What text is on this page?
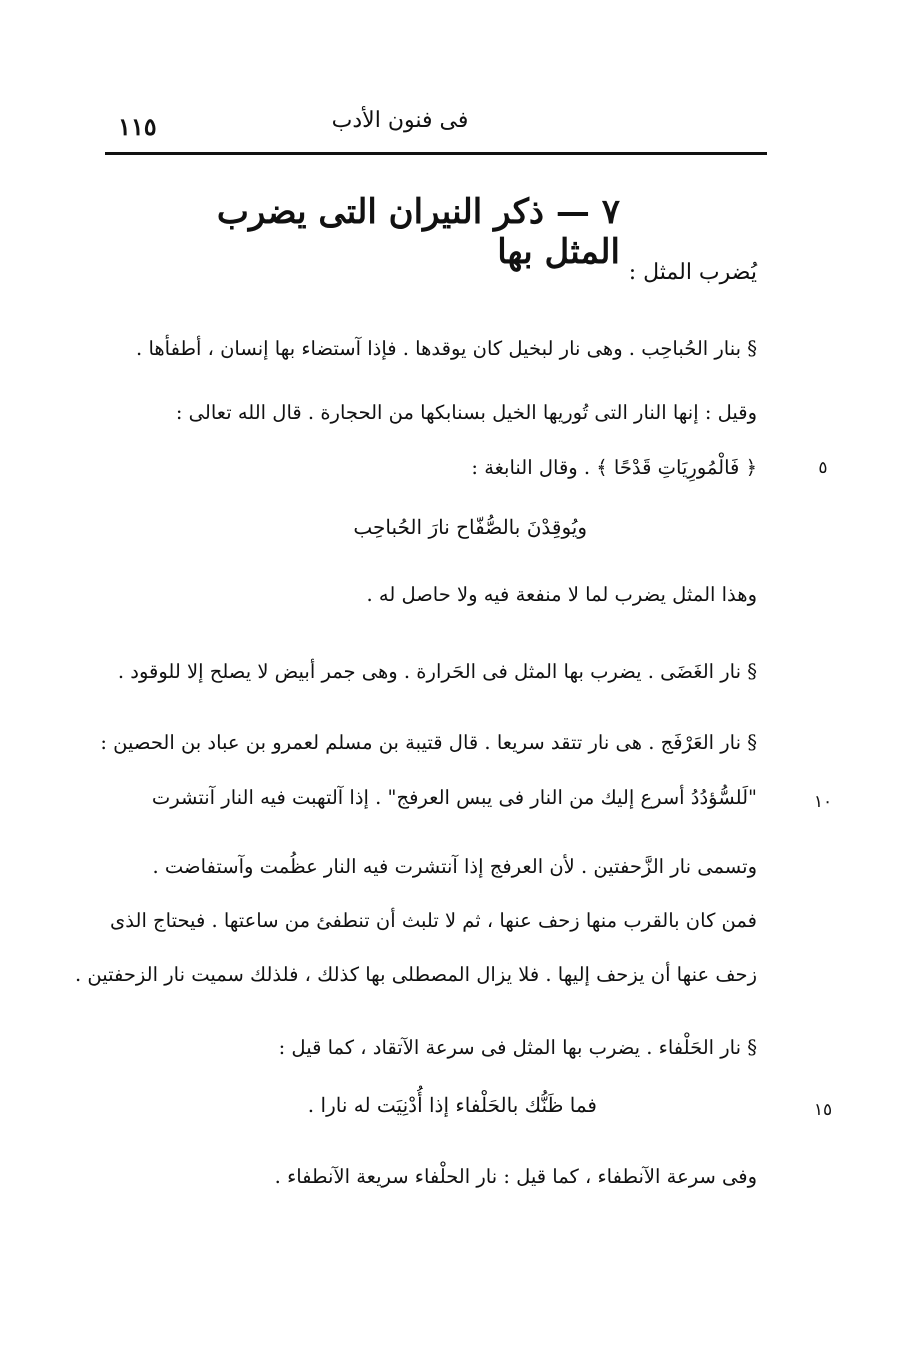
فى فنون الأدب
١١٥
٧ — ذكر النيران التى يضرب المثل بها
يُضرب المثل :
§ بنار الحُباحِب . وهى نار لبخيل كان يوقدها . فإذا آستضاء بها إنسان ، أطفأها .
وقيل : إنها النار التى تُوريها الخيل بسنابكها من الحجارة . قال الله تعالى :
﴿ فَالْمُورِيَاتِ قَدْحًا ﴾ . وقال النابغة :
ويُوقِدْنَ بالصُّفّاح نارَ الحُباحِب
وهذا المثل يضرب لما لا منفعة فيه ولا حاصل له .
§ نار الغَضَى . يضرب بها المثل فى الحَرارة . وهى جمر أبيض لا يصلح إلا للوقود .
§ نار العَرْفَج . هى نار تتقد سريعا . قال قتيبة بن مسلم لعمرو بن عباد بن الحصين :
"لَلسُّؤدُدُ أسرع إليك من النار فى يبس العرفج" . إذا آلتهبت فيه النار آنتشرت
وتسمى نار الزَّحفتين . لأن العرفج إذا آنتشرت فيه النار عظُمت وآستفاضت .
فمن كان بالقرب منها زحف عنها ، ثم لا تلبث أن تنطفئ من ساعتها . فيحتاج الذى
زحف عنها أن يزحف إليها . فلا يزال المصطلى بها كذلك ، فلذلك سميت نار الزحفتين .
§ نار الحَلْفاء . يضرب بها المثل فى سرعة الآتقاد ، كما قيل :
فما ظَنُّك بالحَلْفاء إذا أُدْنِيَت له نارا .
وفى سرعة الآنطفاء ، كما قيل : نار الحلْفاء سريعة الآنطفاء .
٥
١٠
١٥
